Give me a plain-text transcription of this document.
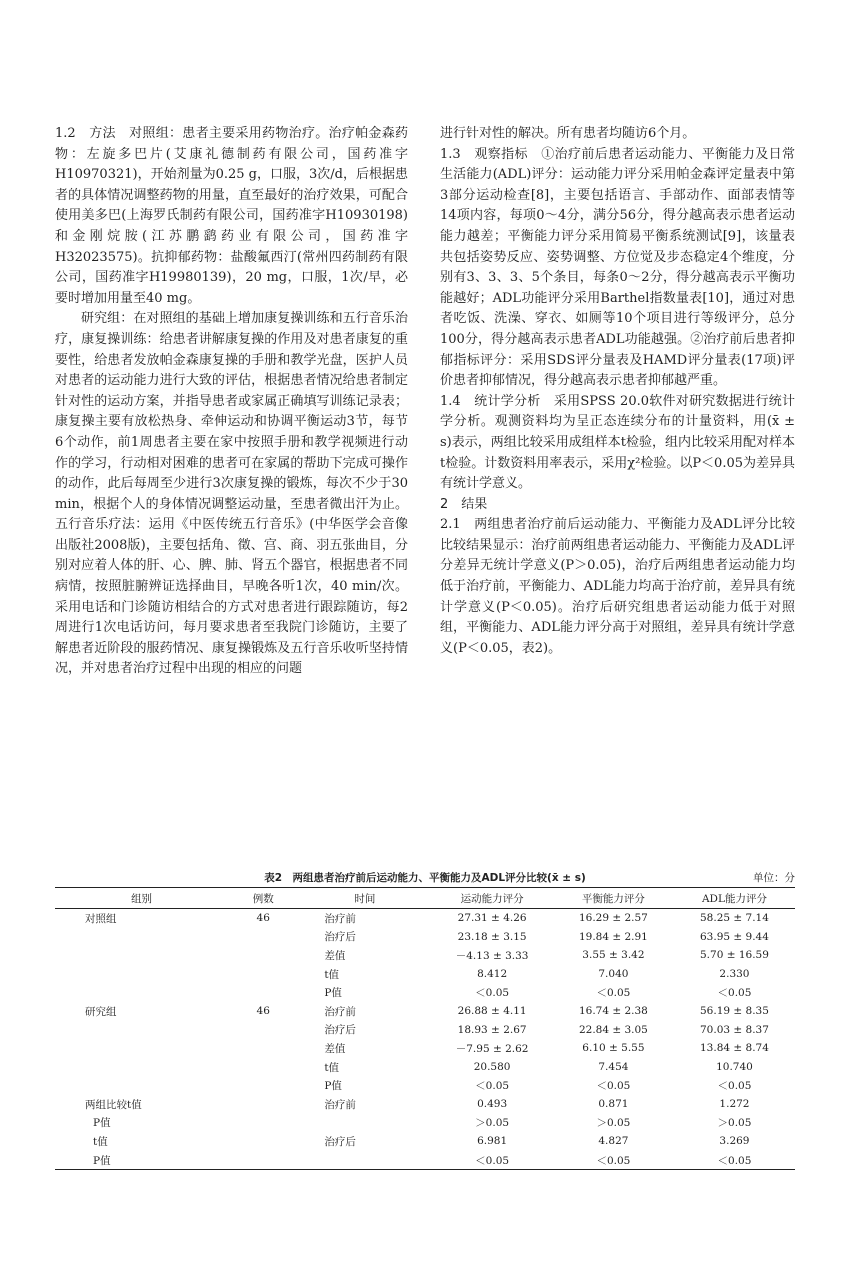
1.2　方法　对照组：患者主要采用药物治疗。治疗帕金森药物：左旋多巴片(艾康礼德制药有限公司，国药准字H10970321)，开始剂量为0.25 g，口服，3次/d，后根据患者的具体情况调整药物的用量，直至最好的治疗效果，可配合使用美多巴(上海罗氏制药有限公司，国药准字H10930198)和金刚烷胺(江苏鹏鹞药业有限公司，国药准字H32023575)。抗抑郁药物：盐酸氟西汀(常州四药制药有限公司，国药准字H19980139)，20 mg，口服，1次/早，必要时增加用量至40 mg。

研究组：在对照组的基础上增加康复操训练和五行音乐治疗，康复操训练：给患者讲解康复操的作用及对患者康复的重要性，给患者发放帕金森康复操的手册和教学光盘，医护人员对患者的运动能力进行大致的评估，根据患者情况给患者制定针对性的运动方案，并指导患者或家属正确填写训练记录表；康复操主要有放松热身、牵伸运动和协调平衡运动3节，每节6个动作，前1周患者主要在家中按照手册和教学视频进行动作的学习，行动相对困难的患者可在家属的帮助下完成可操作的动作，此后每周至少进行3次康复操的锻炼，每次不少于30 min，根据个人的身体情况调整运动量，至患者微出汗为止。五行音乐疗法：运用《中医传统五行音乐》(中华医学会音像出版社2008版)，主要包括角、徵、宫、商、羽五张曲目，分别对应着人体的肝、心、脾、肺、肾五个器官，根据患者不同病情，按照脏腑辨证选择曲目，早晚各听1次，40 min/次。采用电话和门诊随访相结合的方式对患者进行跟踪随访，每2周进行1次电话访问，每月要求患者至我院门诊随访，主要了解患者近阶段的服药情况、康复操锻炼及五行音乐收听坚持情况，并对患者治疗过程中出现的相应的问题

进行针对性的解决。所有患者均随访6个月。

1.3　观察指标　①治疗前后患者运动能力、平衡能力及日常生活能力(ADL)评分：运动能力评分采用帕金森评定量表中第3部分运动检查[8]，主要包括语言、手部动作、面部表情等14项内容，每项0～4分，满分56分，得分越高表示患者运动能力越差；平衡能力评分采用简易平衡系统测试[9]，该量表共包括姿势反应、姿势调整、方位觉及步态稳定4个维度，分别有3、3、3、5个条目，每条0～2分，得分越高表示平衡功能越好；ADL功能评分采用Barthel指数量表[10]，通过对患者吃饭、洗澡、穿衣、如厕等10个项目进行等级评分，总分100分，得分越高表示患者ADL功能越强。②治疗前后患者抑郁指标评分：采用SDS评分量表及HAMD评分量表(17项)评价患者抑郁情况，得分越高表示患者抑郁越严重。

1.4　统计学分析　采用SPSS 20.0软件对研究数据进行统计学分析。观测资料均为呈正态连续分布的计量资料，用(x̄ ± s)表示，两组比较采用成组样本t检验，组内比较采用配对样本t检验。计数资料用率表示，采用χ²检验。以P＜0.05为差异具有统计学意义。

2　结果

2.1　两组患者治疗前后运动能力、平衡能力及ADL评分比较　比较结果显示：治疗前两组患者运动能力、平衡能力及ADL评分差异无统计学意义(P＞0.05)，治疗后两组患者运动能力均低于治疗前，平衡能力、ADL能力均高于治疗前，差异具有统计学意义(P＜0.05)。治疗后研究组患者运动能力低于对照组，平衡能力、ADL能力评分高于对照组，差异具有统计学意义(P＜0.05，表2)。

表2　两组患者治疗前后运动能力、平衡能力及ADL评分比较(x̄ ± s)	单位：分
组别	例数	时间	运动能力评分	平衡能力评分	ADL能力评分
对照组	46	治疗前	27.31 ± 4.26	16.29 ± 2.57	58.25 ± 7.14
		治疗后	23.18 ± 3.15	19.84 ± 2.91	63.95 ± 9.44
		差值	－4.13 ± 3.33	3.55 ± 3.42	5.70 ± 16.59
		t值	8.412	7.040	2.330
		P值	＜0.05	＜0.05	＜0.05
研究组	46	治疗前	26.88 ± 4.11	16.74 ± 2.38	56.19 ± 8.35
		治疗后	18.93 ± 2.67	22.84 ± 3.05	70.03 ± 8.37
		差值	－7.95 ± 2.62	6.10 ± 5.55	13.84 ± 8.74
		t值	20.580	7.454	10.740
		P值	＜0.05	＜0.05	＜0.05
两组比较t值		治疗前	0.493	0.871	1.272
P值			＞0.05	＞0.05	＞0.05
t值		治疗后	6.981	4.827	3.269
P值			＜0.05	＜0.05	＜0.05
